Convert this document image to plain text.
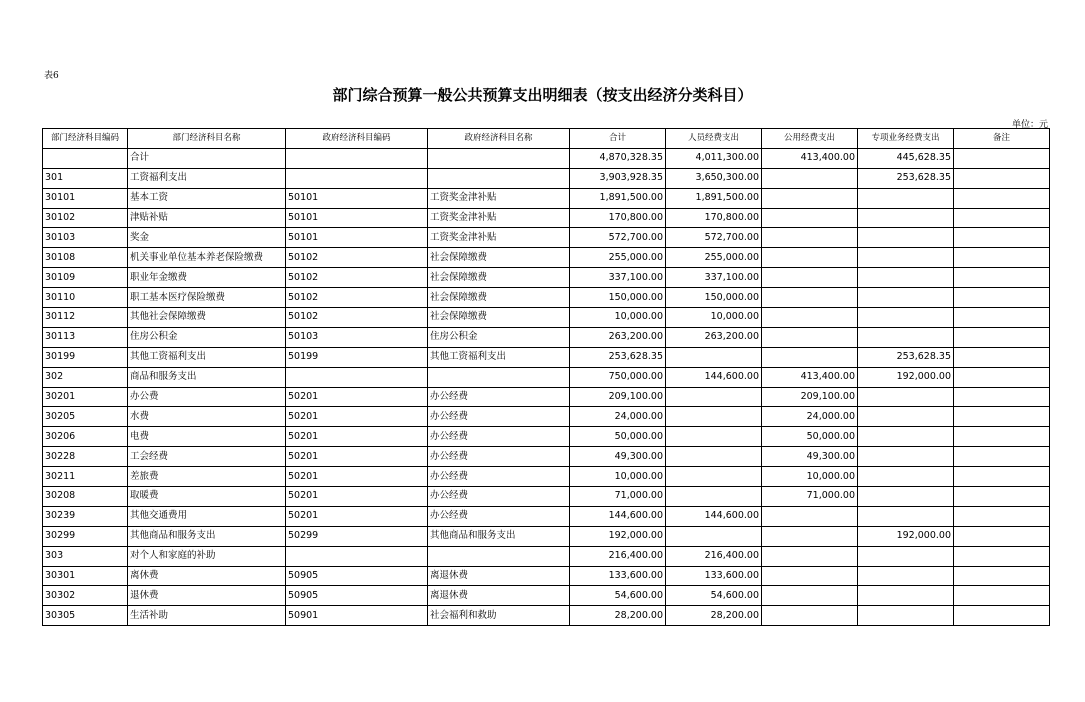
表6
部门综合预算一般公共预算支出明细表（按支出经济分类科目）
单位：元
部门经济科目编码	部门经济科目名称	政府经济科目编码	政府经济科目名称	合计	人员经费支出	公用经费支出	专项业务经费支出	备注
	合计			4,870,328.35	4,011,300.00	413,400.00	445,628.35	
301	工资福利支出			3,903,928.35	3,650,300.00		253,628.35	
30101	基本工资	50101	工资奖金津补贴	1,891,500.00	1,891,500.00			
30102	津贴补贴	50101	工资奖金津补贴	170,800.00	170,800.00			
30103	奖金	50101	工资奖金津补贴	572,700.00	572,700.00			
30108	机关事业单位基本养老保险缴费	50102	社会保障缴费	255,000.00	255,000.00			
30109	职业年金缴费	50102	社会保障缴费	337,100.00	337,100.00			
30110	职工基本医疗保险缴费	50102	社会保障缴费	150,000.00	150,000.00			
30112	其他社会保障缴费	50102	社会保障缴费	10,000.00	10,000.00			
30113	住房公积金	50103	住房公积金	263,200.00	263,200.00			
30199	其他工资福利支出	50199	其他工资福利支出	253,628.35			253,628.35	
302	商品和服务支出			750,000.00	144,600.00	413,400.00	192,000.00	
30201	办公费	50201	办公经费	209,100.00		209,100.00		
30205	水费	50201	办公经费	24,000.00		24,000.00		
30206	电费	50201	办公经费	50,000.00		50,000.00		
30228	工会经费	50201	办公经费	49,300.00		49,300.00		
30211	差旅费	50201	办公经费	10,000.00		10,000.00		
30208	取暖费	50201	办公经费	71,000.00		71,000.00		
30239	其他交通费用	50201	办公经费	144,600.00	144,600.00			
30299	其他商品和服务支出	50299	其他商品和服务支出	192,000.00			192,000.00	
303	对个人和家庭的补助			216,400.00	216,400.00			
30301	离休费	50905	离退休费	133,600.00	133,600.00			
30302	退休费	50905	离退休费	54,600.00	54,600.00			
30305	生活补助	50901	社会福利和救助	28,200.00	28,200.00			
